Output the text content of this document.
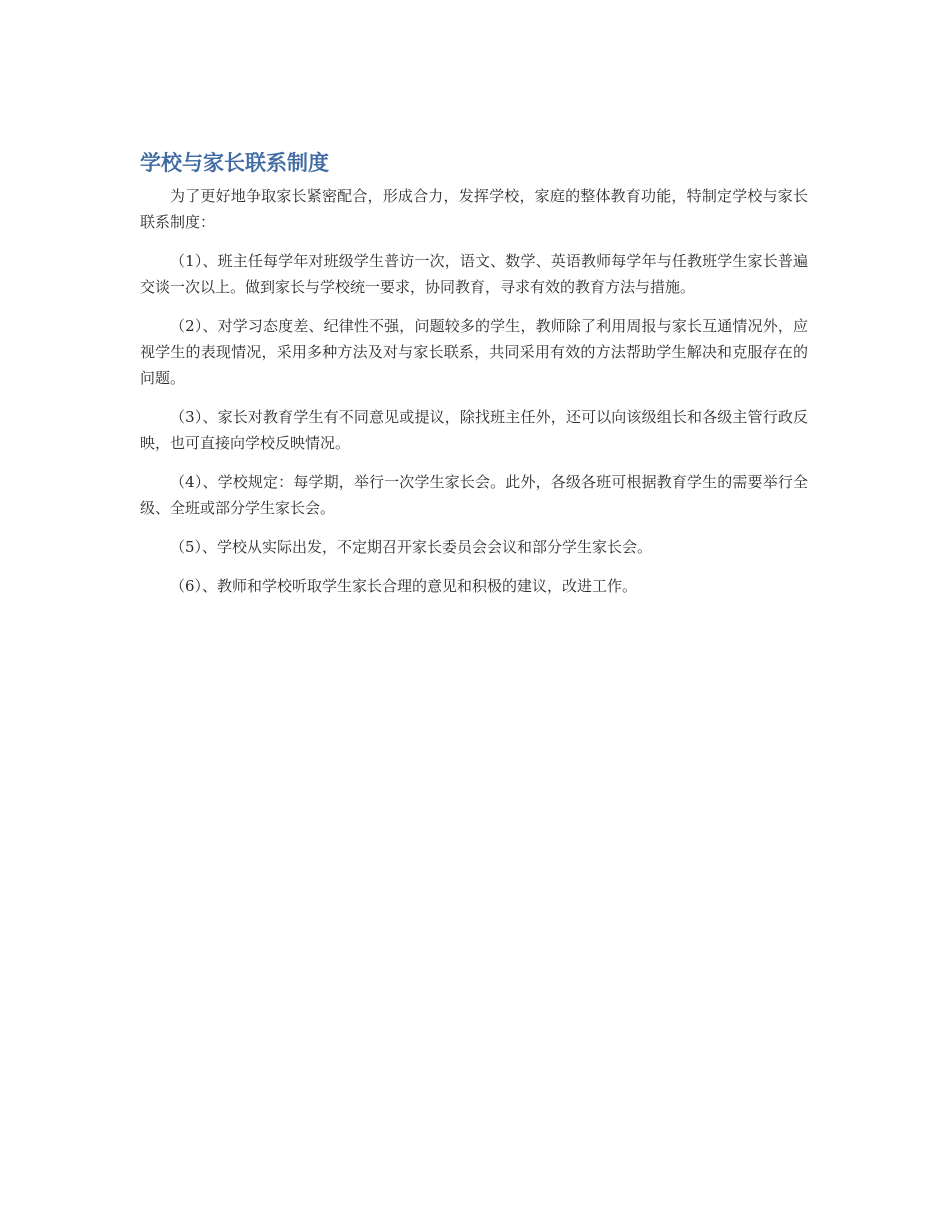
学校与家长联系制度

为了更好地争取家长紧密配合，形成合力，发挥学校，家庭的整体教育功能，特制定学校与家长联系制度：

（1）、班主任每学年对班级学生普访一次，语文、数学、英语教师每学年与任教班学生家长普遍交谈一次以上。做到家长与学校统一要求，协同教育，寻求有效的教育方法与措施。

（2）、对学习态度差、纪律性不强，问题较多的学生，教师除了利用周报与家长互通情况外，应视学生的表现情况，采用多种方法及对与家长联系，共同采用有效的方法帮助学生解决和克服存在的问题。

（3）、家长对教育学生有不同意见或提议，除找班主任外，还可以向该级组长和各级主管行政反映，也可直接向学校反映情况。

（4）、学校规定：每学期，举行一次学生家长会。此外，各级各班可根据教育学生的需要举行全级、全班或部分学生家长会。

（5）、学校从实际出发，不定期召开家长委员会会议和部分学生家长会。

（6）、教师和学校听取学生家长合理的意见和积极的建议，改进工作。
